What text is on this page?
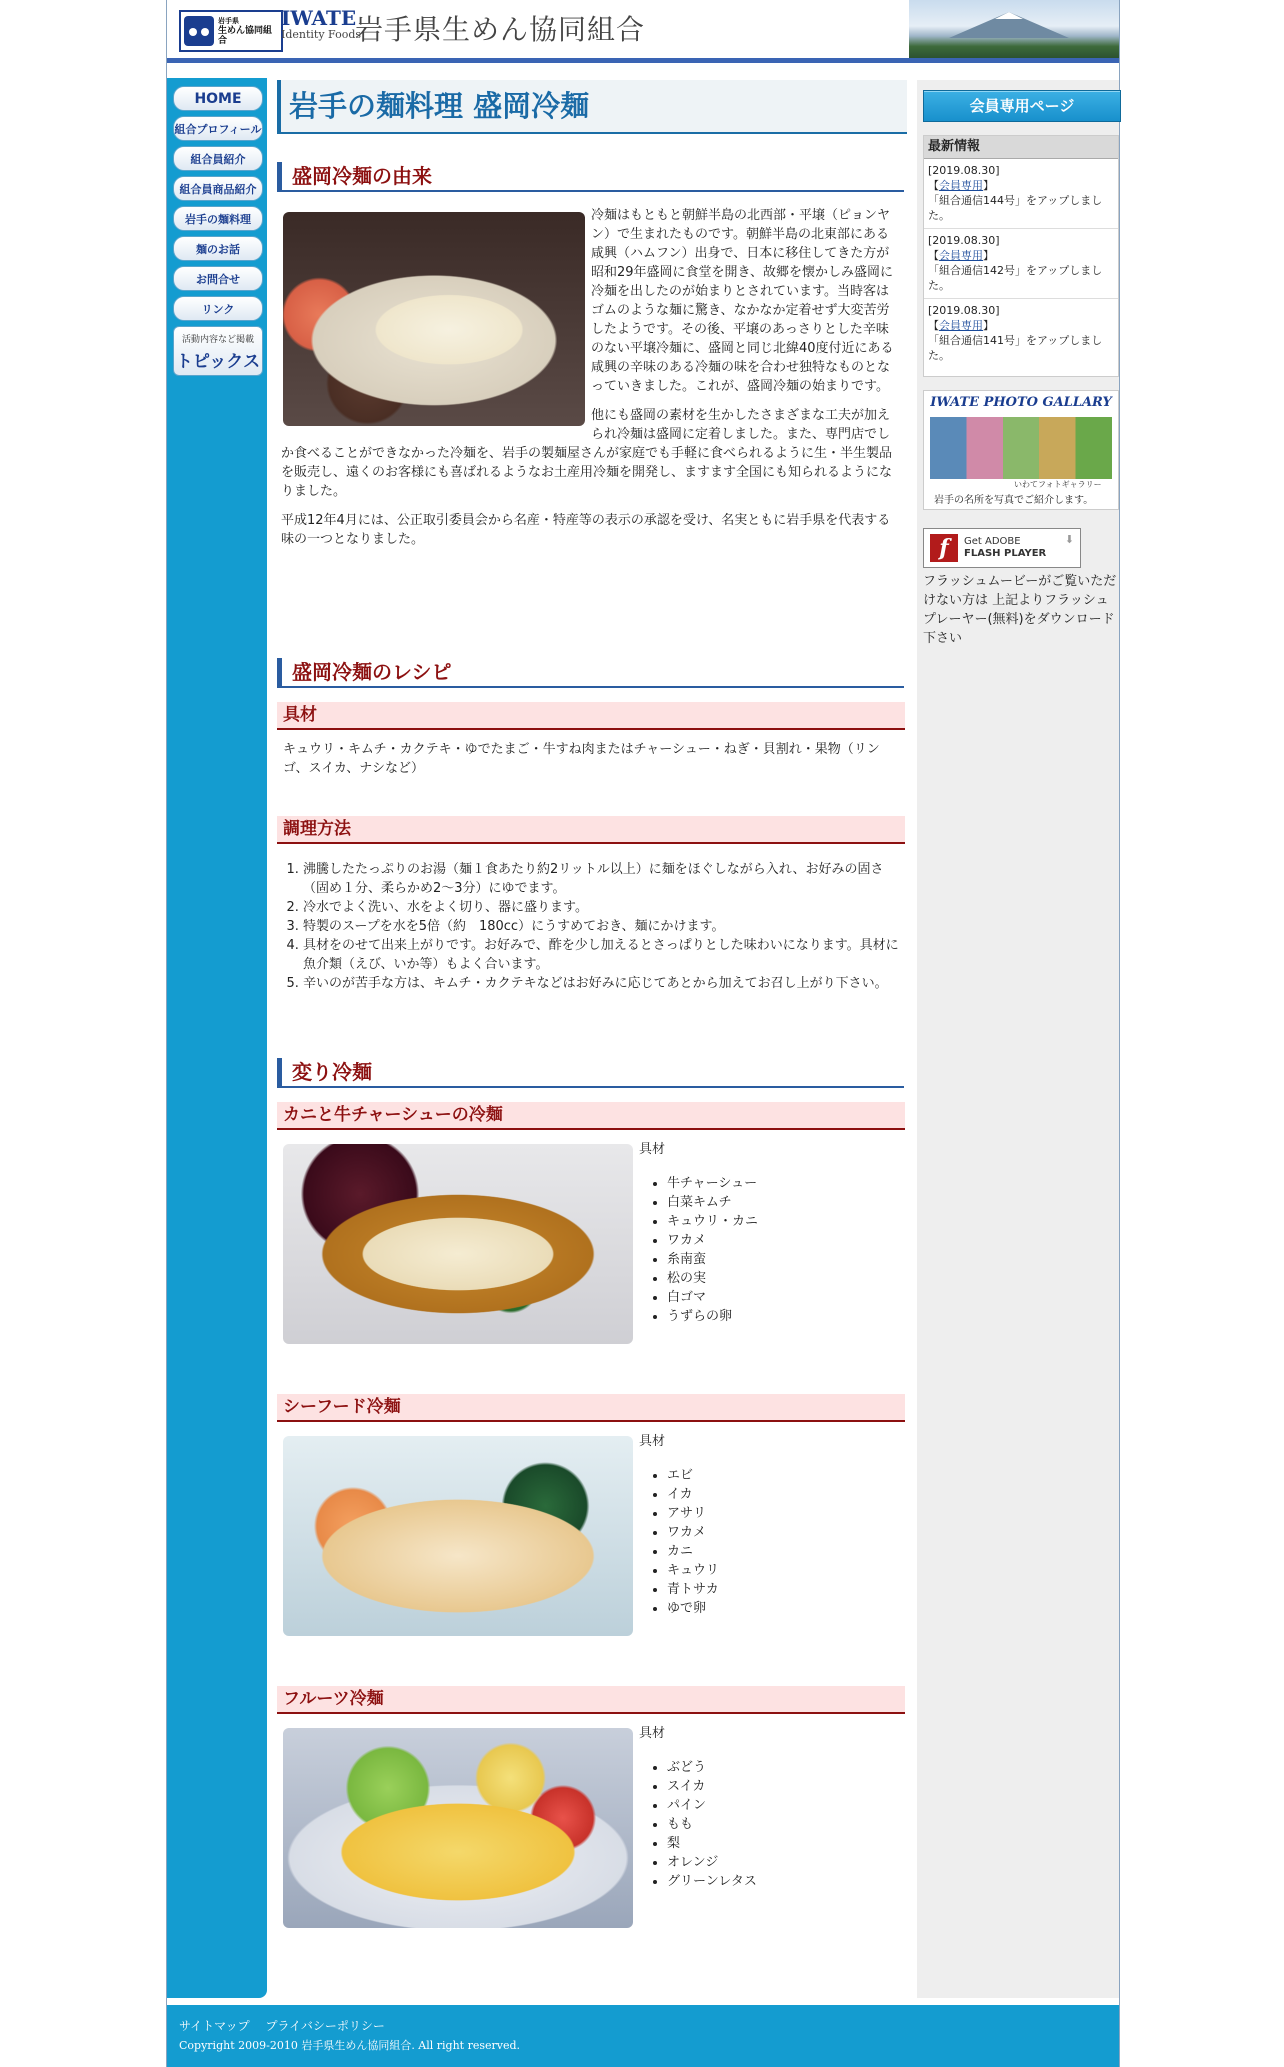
岩手県
生めん協同組合
IWATE
Identity Foods
岩手県生めん協同組合
HOME
組合プロフィール
組合員紹介
組合員商品紹介
岩手の麺料理
麺のお話
お問合せ
リンク
活動内容など掲載
トピックス
岩手の麺料理 盛岡冷麺
盛岡冷麺の由来

冷麺はもともと朝鮮半島の北西部・平壌（ピョンヤン）で生まれたものです。朝鮮半島の北東部にある咸興（ハムフン）出身で、日本に移住してきた方が昭和29年盛岡に食堂を開き、故郷を懐かしみ盛岡に冷麺を出したのが始まりとされています。当時客はゴムのような麺に驚き、なかなか定着せず大変苦労したようです。その後、平壌のあっさりとした辛味のない平壌冷麺に、盛岡と同じ北緯40度付近にある咸興の辛味のある冷麺の味を合わせ独特なものとなっていきました。これが、盛岡冷麺の始まりです。

他にも盛岡の素材を生かしたさまざまな工夫が加えられ冷麺は盛岡に定着しました。また、専門店でしか食べることができなかった冷麺を、岩手の製麺屋さんが家庭でも手軽に食べられるように生・半生製品を販売し、遠くのお客様にも喜ばれるようなお土産用冷麺を開発し、ますます全国にも知られるようになりました。

平成12年4月には、公正取引委員会から名産・特産等の表示の承認を受け、名実ともに岩手県を代表する味の一つとなりました。

盛岡冷麺のレシピ
具材
キュウリ・キムチ・カクテキ・ゆでたまご・牛すね肉またはチャーシュー・ねぎ・貝割れ・果物（リンゴ、スイカ、ナシなど）
調理方法
1. 沸騰したたっぷりのお湯（麺１食あたり約2リットル以上）に麺をほぐしながら入れ、お好みの固さ（固め１分、柔らかめ2～3分）にゆでます。
2. 冷水でよく洗い、水をよく切り、器に盛ります。
3. 特製のスープを水を5倍（約　180cc）にうすめておき、麺にかけます。
4. 具材をのせて出来上がりです。お好みで、酢を少し加えるとさっぱりとした味わいになります。具材に魚介類（えび、いか等）もよく合います。
5. 辛いのが苦手な方は、キムチ・カクテキなどはお好みに応じてあとから加えてお召し上がり下さい。
変り冷麺
カニと牛チャーシューの冷麺
具材
• 牛チャーシュー
• 白菜キムチ
• キュウリ・カニ
• ワカメ
• 糸南蛮
• 松の実
• 白ゴマ
• うずらの卵
シーフード冷麺
具材
• エビ
• イカ
• アサリ
• ワカメ
• カニ
• キュウリ
• 青トサカ
• ゆで卵
フルーツ冷麺
具材
• ぶどう
• スイカ
• パイン
• もも
• 梨
• オレンジ
• グリーンレタス
会員専用ページ
最新情報
[2019.08.30]
【会員専用】
「組合通信144号」をアップしました。
[2019.08.30]
【会員専用】
「組合通信142号」をアップしました。
[2019.08.30]
【会員専用】
「組合通信141号」をアップしました。
IWATE PHOTO GALLARY
いわてフォトギャラリー
岩手の名所を写真でご紹介します。
f	Get ADOBE
FLASH PLAYER
⬇
フラッシュムービーがご覧いただけない方は 上記よりフラッシュプレーヤー(無料)をダウンロード下さい
サイトマップ プライバシーポリシー
Copyright 2009-2010 岩手県生めん協同組合. All right reserved.
